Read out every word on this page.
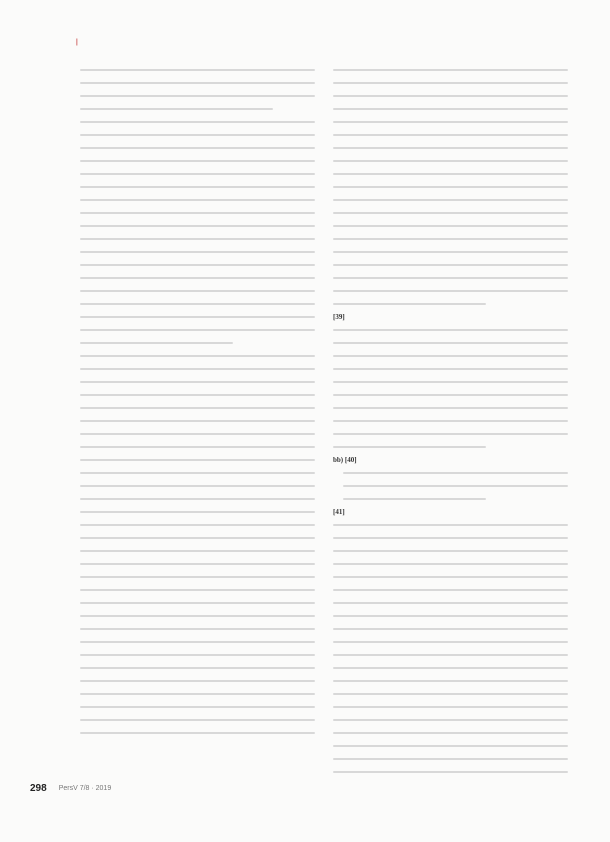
|

[39]

bb) [40]

[41]

298 PersV 7/8 · 2019
